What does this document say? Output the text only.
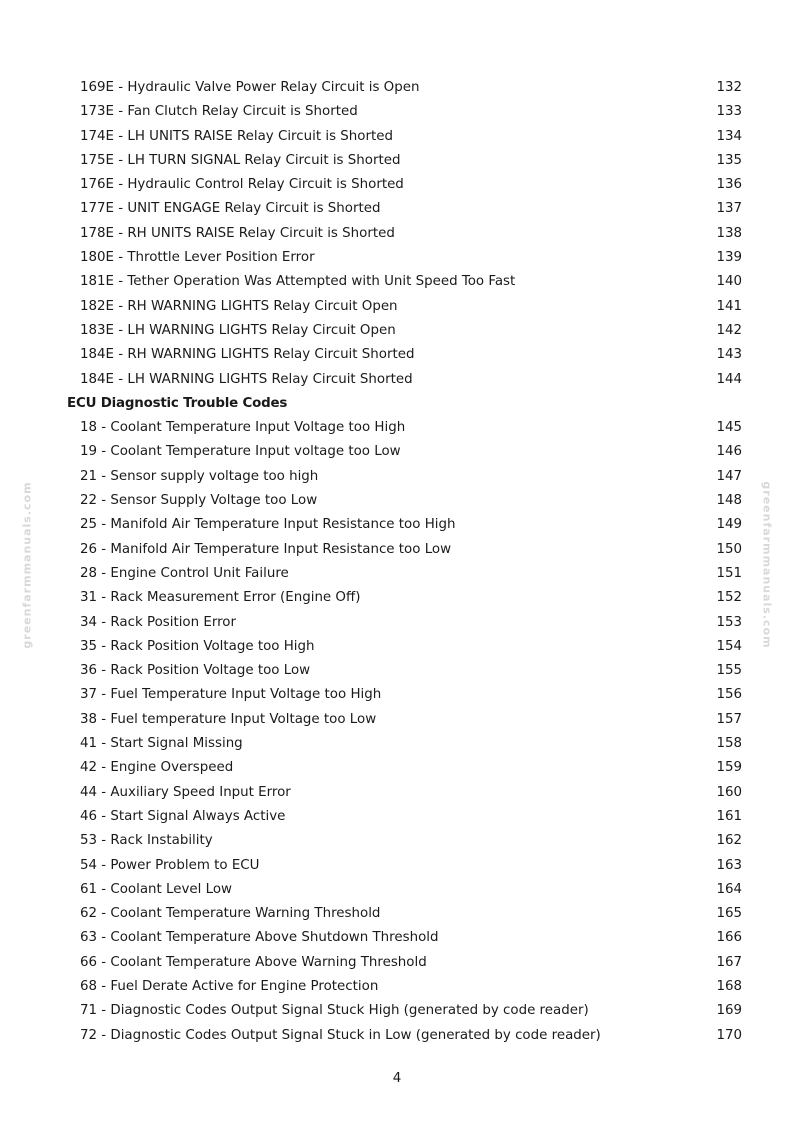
greenfarmmanuals.com	greenfarmmanuals.com
169E - Hydraulic Valve Power Relay Circuit is Open	132
173E - Fan Clutch Relay Circuit is Shorted	133
174E - LH UNITS RAISE Relay Circuit is Shorted	134
175E - LH TURN SIGNAL Relay Circuit is Shorted	135
176E - Hydraulic Control Relay Circuit is Shorted	136
177E - UNIT ENGAGE Relay Circuit is Shorted	137
178E - RH UNITS RAISE Relay Circuit is Shorted	138
180E - Throttle Lever Position Error	139
181E - Tether Operation Was Attempted with Unit Speed Too Fast	140
182E - RH WARNING LIGHTS Relay Circuit Open	141
183E - LH WARNING LIGHTS Relay Circuit Open	142
184E - RH WARNING LIGHTS Relay Circuit Shorted	143
184E - LH WARNING LIGHTS Relay Circuit Shorted	144
ECU Diagnostic Trouble Codes
18 - Coolant Temperature Input Voltage too High	145
19 - Coolant Temperature Input voltage too Low	146
21 - Sensor supply voltage too high	147
22 - Sensor Supply Voltage too Low	148
25 - Manifold Air Temperature Input Resistance too High	149
26 - Manifold Air Temperature Input Resistance too Low	150
28 - Engine Control Unit Failure	151
31 - Rack Measurement Error (Engine Off)	152
34 - Rack Position Error	153
35 - Rack Position Voltage too High	154
36 - Rack Position Voltage too Low	155
37 - Fuel Temperature Input Voltage too High	156
38 - Fuel temperature Input Voltage too Low	157
41 - Start Signal Missing	158
42 - Engine Overspeed	159
44 - Auxiliary Speed Input Error	160
46 - Start Signal Always Active	161
53 - Rack Instability	162
54 - Power Problem to ECU	163
61 - Coolant Level Low	164
62 - Coolant Temperature Warning Threshold	165
63 - Coolant Temperature Above Shutdown Threshold	166
66 - Coolant Temperature Above Warning Threshold	167
68 - Fuel Derate Active for Engine Protection	168
71 - Diagnostic Codes Output Signal Stuck High (generated by code reader)	169
72 - Diagnostic Codes Output Signal Stuck in Low (generated by code reader)	170
4
